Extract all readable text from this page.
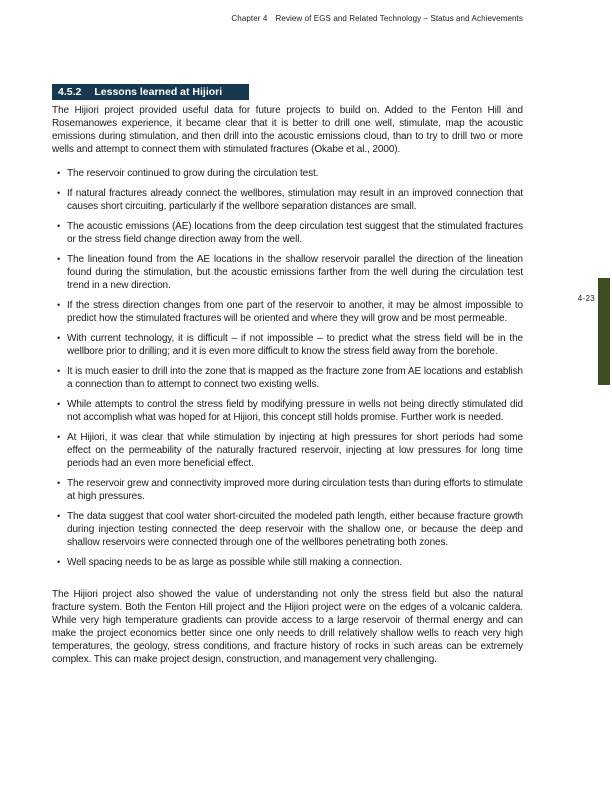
Chapter 4 Review of EGS and Related Technology – Status and Achievements
4.5.2 Lessons learned at Hijiori

The Hijiori project provided useful data for future projects to build on. Added to the Fenton Hill and Rosemanowes experience, it became clear that it is better to drill one well, stimulate, map the acoustic emissions during stimulation, and then drill into the acoustic emissions cloud, than to try to drill two or more wells and attempt to connect them with stimulated fractures (Okabe et al., 2000).

• The reservoir continued to grow during the circulation test.
• If natural fractures already connect the wellbores, stimulation may result in an improved connection that causes short circuiting, particularly if the wellbore separation distances are small.
• The acoustic emissions (AE) locations from the deep circulation test suggest that the stimulated fractures or the stress field change direction away from the well.
• The lineation found from the AE locations in the shallow reservoir parallel the direction of the lineation found during the stimulation, but the acoustic emissions farther from the well during the circulation test trend in a new direction.
• If the stress direction changes from one part of the reservoir to another, it may be almost impossible to predict how the stimulated fractures will be oriented and where they will grow and be most permeable.
• With current technology, it is difficult – if not impossible – to predict what the stress field will be in the wellbore prior to drilling; and it is even more difficult to know the stress field away from the borehole.
• It is much easier to drill into the zone that is mapped as the fracture zone from AE locations and establish a connection than to attempt to connect two existing wells.
• While attempts to control the stress field by modifying pressure in wells not being directly stimulated did not accomplish what was hoped for at Hijiori, this concept still holds promise. Further work is needed.
• At Hijiori, it was clear that while stimulation by injecting at high pressures for short periods had some effect on the permeability of the naturally fractured reservoir, injecting at low pressures for long time periods had an even more beneficial effect.
• The reservoir grew and connectivity improved more during circulation tests than during efforts to stimulate at high pressures.
• The data suggest that cool water short-circuited the modeled path length, either because fracture growth during injection testing connected the deep reservoir with the shallow one, or because the deep and shallow reservoirs were connected through one of the wellbores penetrating both zones.
• Well spacing needs to be as large as possible while still making a connection.

The Hijiori project also showed the value of understanding not only the stress field but also the natural fracture system. Both the Fenton Hill project and the Hijiori project were on the edges of a volcanic caldera. While very high temperature gradients can provide access to a large reservoir of thermal energy and can make the project economics better since one only needs to drill relatively shallow wells to reach very high temperatures, the geology, stress conditions, and fracture history of rocks in such areas can be extremely complex. This can make project design, construction, and management very challenging.

4-23
